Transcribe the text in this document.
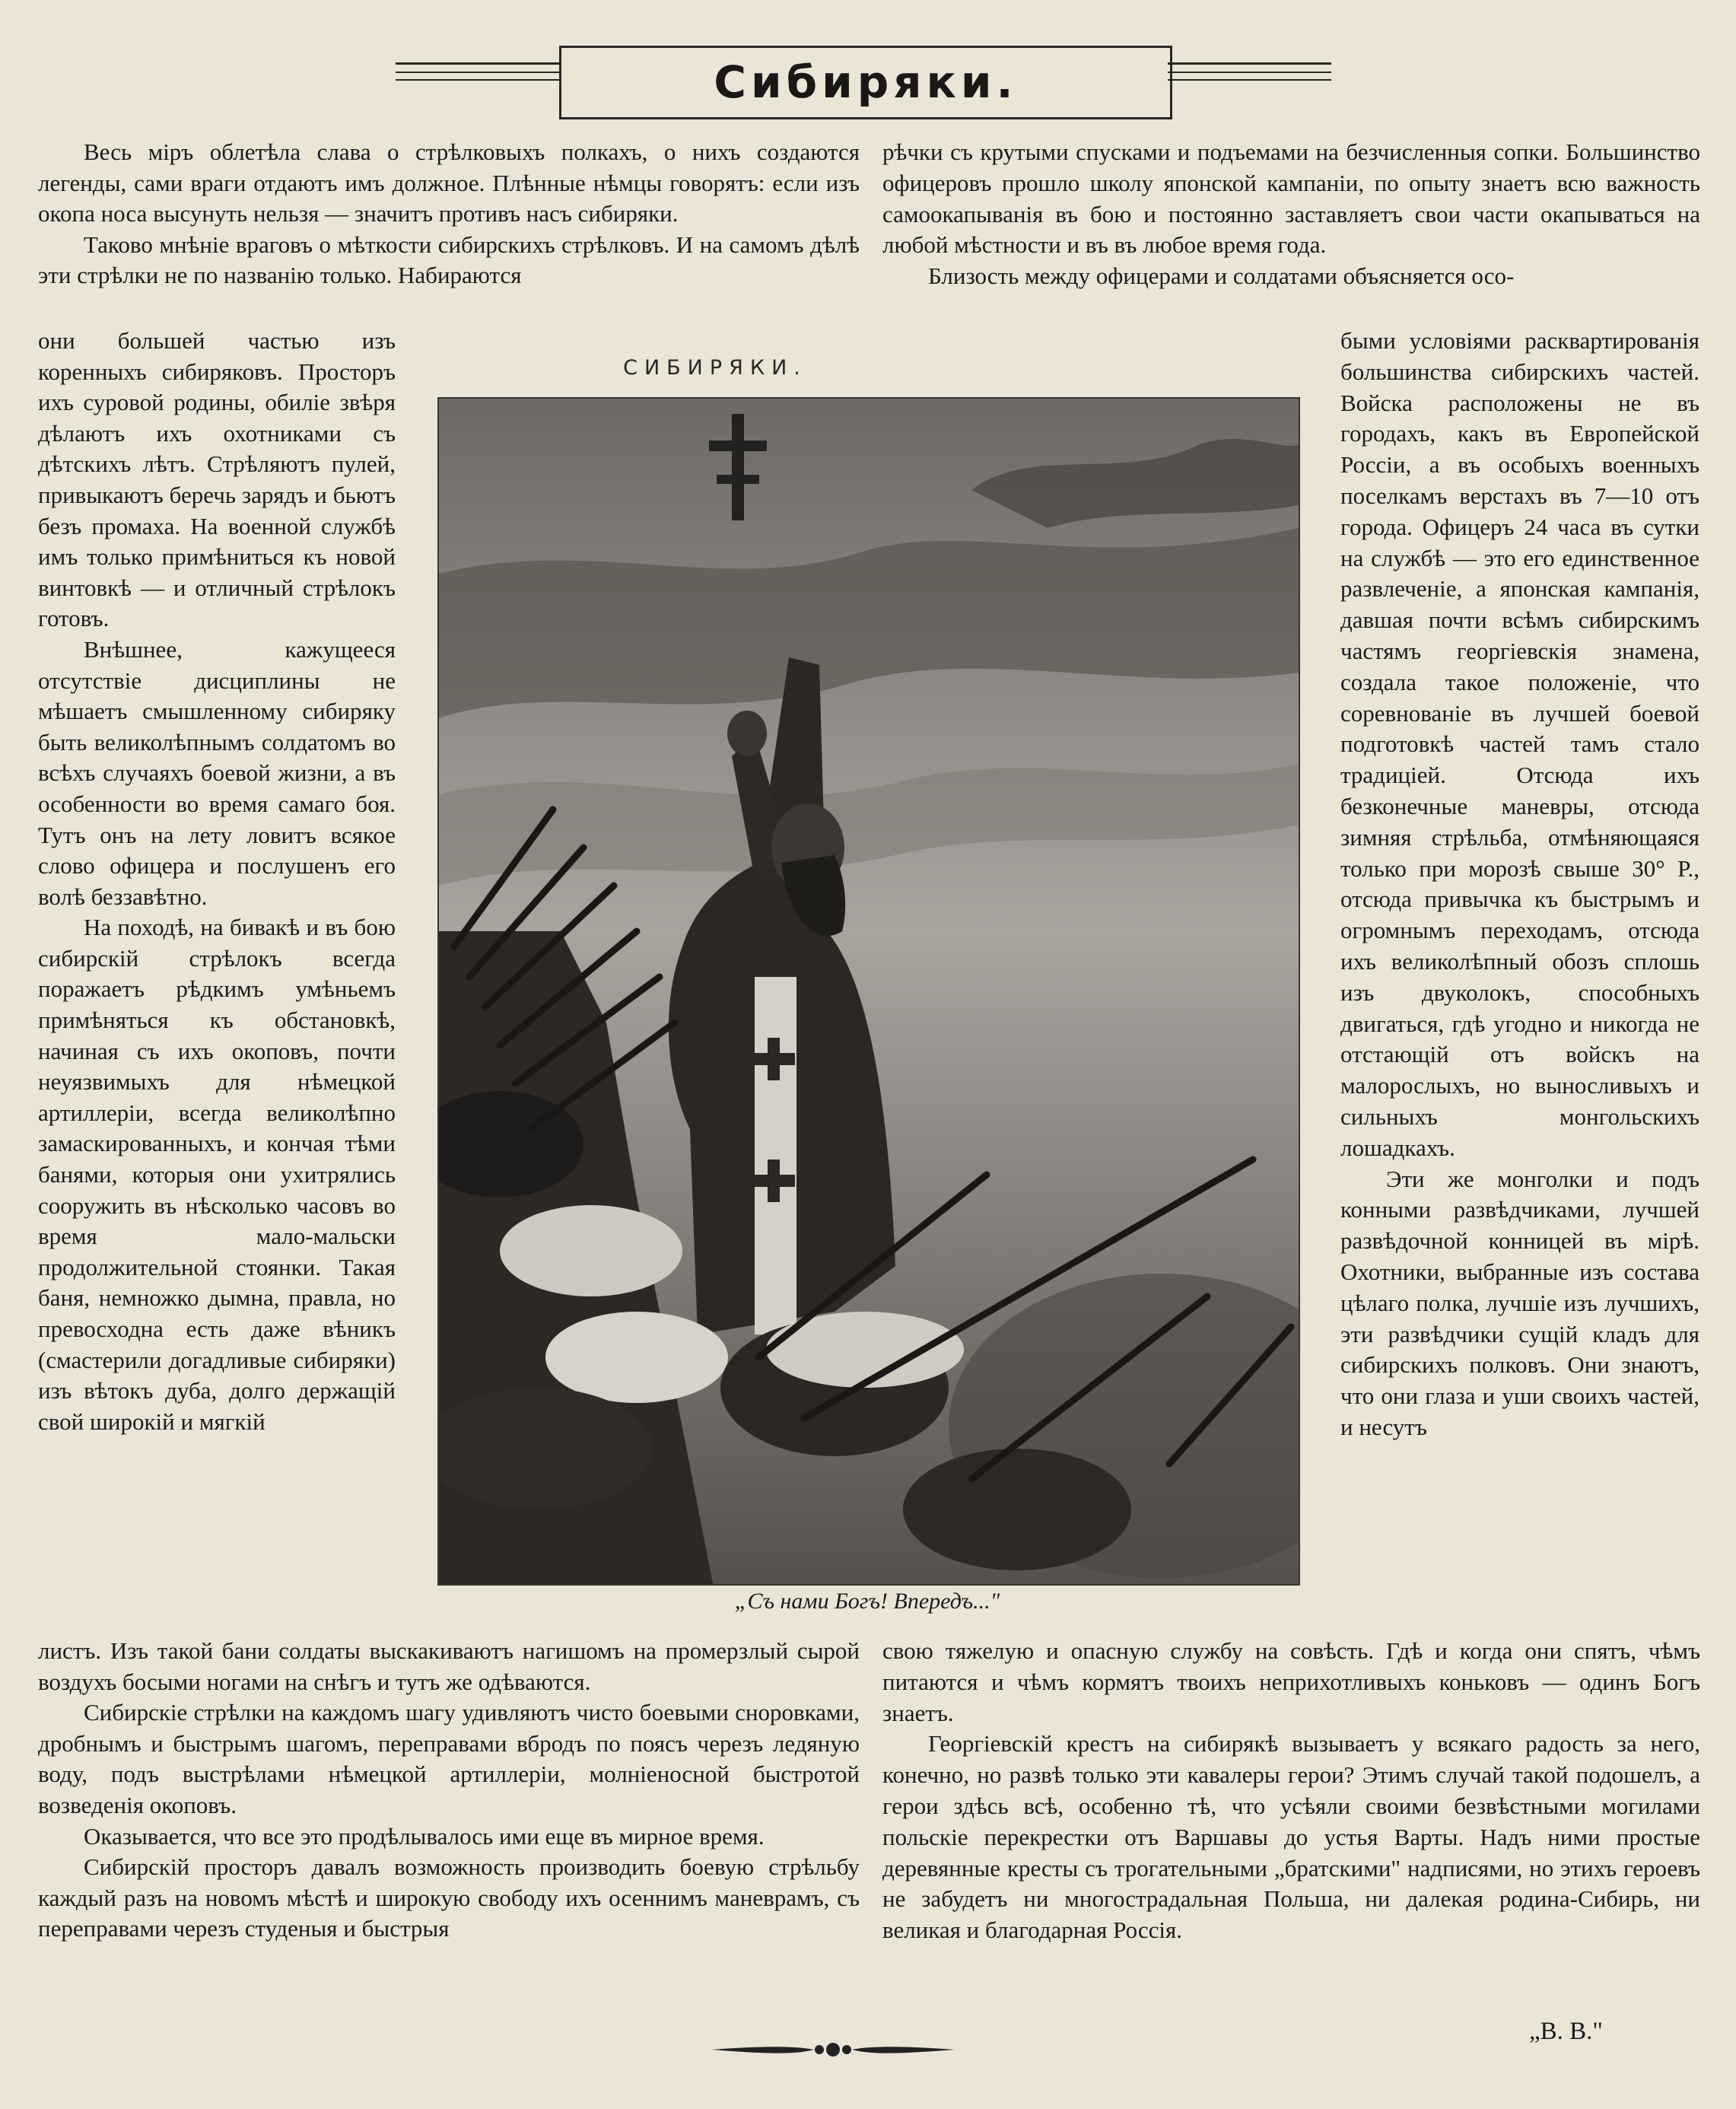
Сибиряки.

Весь міръ облетѣла слава о стрѣлковыхъ полкахъ, о нихъ создаются легенды, сами враги отдаютъ имъ должное. Плѣнные нѣмцы говорятъ: если изъ окопа носа высунуть нельзя — значитъ противъ насъ сибиряки.

Таково мнѣніе враговъ о мѣткости сибирскихъ стрѣлковъ. И на самомъ дѣлѣ эти стрѣлки не по названію только. Набираются

они большей частью изъ коренныхъ сибиряковъ. Просторъ ихъ суровой родины, обиліе звѣря дѣлаютъ ихъ охотниками съ дѣтскихъ лѣтъ. Стрѣляютъ пулей, привыкаютъ беречь зарядъ и бьютъ безъ промаха. На военной службѣ имъ только примѣниться къ новой винтовкѣ — и отличный стрѣлокъ готовъ.

Внѣшнее, кажущееся отсутствіе дисциплины не мѣшаетъ смышленному сибиряку быть великолѣпнымъ солдатомъ во всѣхъ случаяхъ боевой жизни, а въ особенности во время самаго боя. Тутъ онъ на лету ловитъ всякое слово офицера и послушенъ его волѣ беззавѣтно.

На походѣ, на бивакѣ и въ бою сибирскій стрѣлокъ всегда поражаетъ рѣдкимъ умѣньемъ примѣняться къ обстановкѣ, начиная съ ихъ окоповъ, почти неуязвимыхъ для нѣмецкой артиллеріи, всегда великолѣпно замаскированныхъ, и кончая тѣми банями, которыя они ухитрялись сооружить въ нѣсколько часовъ во время мало-мальски продолжительной стоянки. Такая баня, немножко дымна, правла, но превосходна есть даже вѣникъ (смастерили догадливые сибиряки) изъ вѣтокъ дуба, долго держащій свой широкій и мягкій

листъ. Изъ такой бани солдаты выскакиваютъ нагишомъ на промерзлый сырой воздухъ босыми ногами на снѣгъ и тутъ же одѣваются.

Сибирскіе стрѣлки на каждомъ шагу удивляютъ чисто боевыми сноровками, дробнымъ и быстрымъ шагомъ, переправами вбродъ по поясъ черезъ ледяную воду, подъ выстрѣлами нѣмецкой артиллеріи, молніеносной быстротой возведенія окоповъ.

Оказывается, что все это продѣлывалось ими еще въ мирное время.

Сибирскій просторъ давалъ возможность производить боевую стрѣльбу каждый разъ на новомъ мѣстѣ и широкую свободу ихъ осеннимъ маневрамъ, съ переправами черезъ студеныя и быстрыя

рѣчки съ крутыми спусками и подъемами на безчисленныя сопки. Большинство офицеровъ прошло школу японской кампаніи, по опыту знаетъ всю важность самоокапыванія въ бою и постоянно заставляетъ свои части окапываться на любой мѣстности и въ въ любое время года.

Близость между офицерами и солдатами объясняется осо-

быми условіями расквартированія большинства сибирскихъ частей. Войска расположены не въ городахъ, какъ въ Европейской Россіи, а въ особыхъ военныхъ поселкамъ верстахъ въ 7—10 отъ города. Офицеръ 24 часа въ сутки на службѣ — это его единственное развлеченіе, а японская кампанія, давшая почти всѣмъ сибирскимъ частямъ георгіевскія знамена, создала такое положеніе, что соревнованіе въ лучшей боевой подготовкѣ частей тамъ стало традиціей. Отсюда ихъ безконечные маневры, отсюда зимняя стрѣльба, отмѣняющаяся только при морозѣ свыше 30° Р., отсюда привычка къ быстрымъ и огромнымъ переходамъ, отсюда ихъ великолѣпный обозъ сплошь изъ двуколокъ, способныхъ двигаться, гдѣ угодно и никогда не отстающій отъ войскъ на малорослыхъ, но выносливыхъ и сильныхъ монгольскихъ лошадкахъ.

Эти же монголки и подъ конными развѣдчиками, лучшей развѣдочной конницей въ мірѣ. Охотники, выбранные изъ состава цѣлаго полка, лучшіе изъ лучшихъ, эти развѣдчики сущій кладъ для сибирскихъ полковъ. Они знаютъ, что они глаза и уши своихъ частей, и несутъ

свою тяжелую и опасную службу на совѣсть. Гдѣ и когда они спятъ, чѣмъ питаются и чѣмъ кормятъ твоихъ неприхотливыхъ коньковъ — одинъ Богъ знаетъ.

Георгіевскій крестъ на сибирякѣ вызываетъ у всякаго радость за него, конечно, но развѣ только эти кавалеры герои? Этимъ случай такой подошелъ, а герои здѣсь всѣ, особенно тѣ, что усѣяли своими безвѣстными могилами польскіе перекрестки отъ Варшавы до устья Варты. Надъ ними простые деревянные кресты съ трогательными „братскими" надписями, но этихъ героевъ не забудетъ ни многострадальная Польша, ни далекая родина-Сибирь, ни великая и благодарная Россія.

СИБИРЯКИ.
„Съ нами Богъ! Впередъ..."
„В. В."
